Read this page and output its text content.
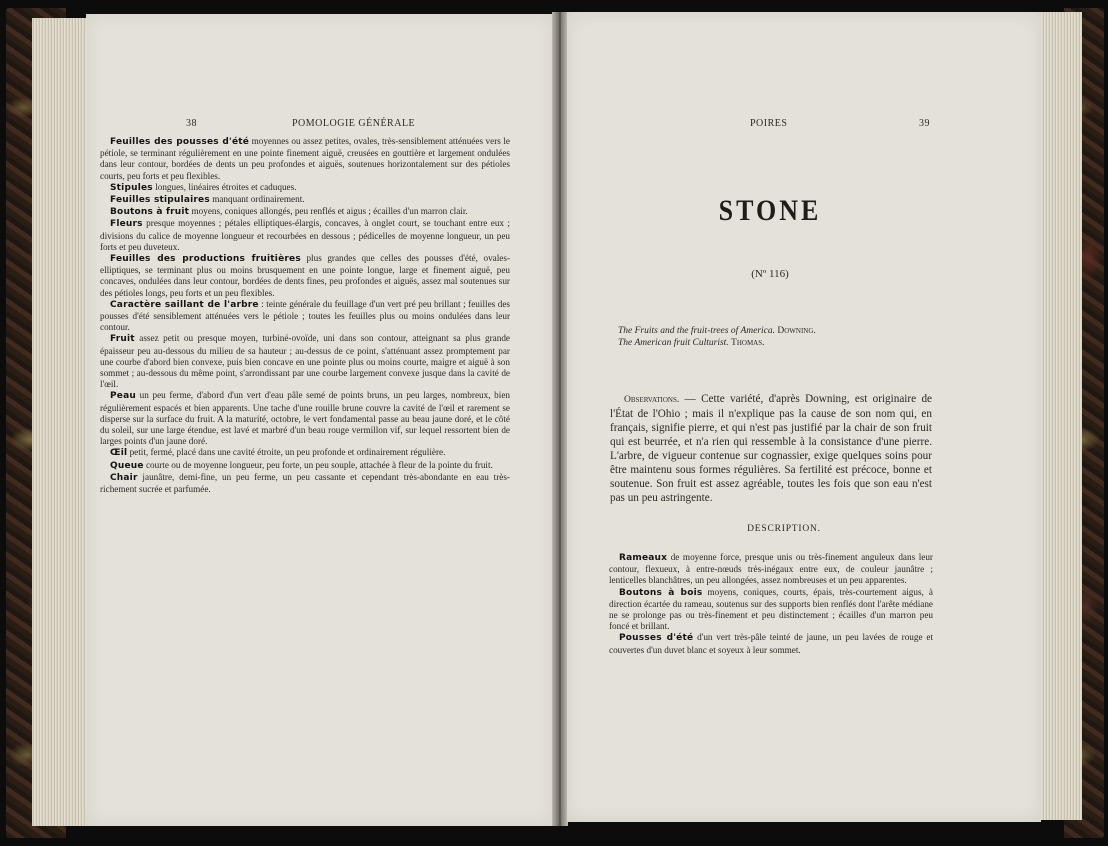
38	POMOLOGIE GÉNÉRALE

Feuilles des pousses d'été moyennes ou assez petites, ovales, très-sensiblement atténuées vers le pétiole, se terminant régulièrement en une pointe finement aiguë, creusées en gouttière et largement ondulées dans leur contour, bordées de dents un peu profondes et aiguës, soutenues horizontalement sur des pétioles courts, peu forts et peu flexibles.

Stipules longues, linéaires étroites et caduques.

Feuilles stipulaires manquant ordinairement.

Boutons à fruit moyens, coniques allongés, peu renflés et aigus ; écailles d'un marron clair.

Fleurs presque moyennes ; pétales elliptiques-élargis, concaves, à onglet court, se touchant entre eux ; divisions du calice de moyenne longueur et recourbées en dessous ; pédicelles de moyenne longueur, un peu forts et peu duveteux.

Feuilles des productions fruitières plus grandes que celles des pousses d'été, ovales-elliptiques, se terminant plus ou moins brusquement en une pointe longue, large et finement aiguë, peu concaves, ondulées dans leur contour, bordées de dents fines, peu profondes et aiguës, assez mal soutenues sur des pétioles longs, peu forts et un peu flexibles.

Caractère saillant de l'arbre : teinte générale du feuillage d'un vert pré peu brillant ; feuilles des pousses d'été sensiblement atténuées vers le pétiole ; toutes les feuilles plus ou moins ondulées dans leur contour.

Fruit assez petit ou presque moyen, turbiné-ovoïde, uni dans son contour, atteignant sa plus grande épaisseur peu au-dessous du milieu de sa hauteur ; au-dessus de ce point, s'atténuant assez promptement par une courbe d'abord bien convexe, puis bien concave en une pointe plus ou moins courte, maigre et aiguë à son sommet ; au-dessous du même point, s'arrondissant par une courbe largement convexe jusque dans la cavité de l'œil.

Peau un peu ferme, d'abord d'un vert d'eau pâle semé de points bruns, un peu larges, nombreux, bien régulièrement espacés et bien apparents. Une tache d'une rouille brune couvre la cavité de l'œil et rarement se disperse sur la surface du fruit. A la maturité, octobre, le vert fondamental passe au beau jaune doré, et le côté du soleil, sur une large étendue, est lavé et marbré d'un beau rouge vermillon vif, sur lequel ressortent bien de larges points d'un jaune doré.

Œil petit, fermé, placé dans une cavité étroite, un peu profonde et ordinairement régulière.

Queue courte ou de moyenne longueur, peu forte, un peu souple, attachée à fleur de la pointe du fruit.

Chair jaunâtre, demi-fine, un peu ferme, un peu cassante et cependant très-abondante en eau très-richement sucrée et parfumée.

POIRES	39
STONE
(Nº 116)
The Fruits and the fruit-trees of America. Downing.
The American fruit Culturist. Thomas.
Observations. — Cette variété, d'après Downing, est originaire de l'État de l'Ohio ; mais il n'explique pas la cause de son nom qui, en français, signifie pierre, et qui n'est pas justifié par la chair de son fruit qui est beurrée, et n'a rien qui ressemble à la consistance d'une pierre. L'arbre, de vigueur contenue sur cognassier, exige quelques soins pour être maintenu sous formes régulières. Sa fertilité est précoce, bonne et soutenue. Son fruit est assez agréable, toutes les fois que son eau n'est pas un peu astringente.
DESCRIPTION.

Rameaux de moyenne force, presque unis ou très-finement anguleux dans leur contour, flexueux, à entre-nœuds très-inégaux entre eux, de couleur jaunâtre ; lenticelles blanchâtres, un peu allongées, assez nombreuses et un peu apparentes.

Boutons à bois moyens, coniques, courts, épais, très-courtement aigus, à direction écartée du rameau, soutenus sur des supports bien renflés dont l'arête médiane ne se prolonge pas ou très-finement et peu distinctement ; écailles d'un marron peu foncé et brillant.

Pousses d'été d'un vert très-pâle teinté de jaune, un peu lavées de rouge et couvertes d'un duvet blanc et soyeux à leur sommet.
